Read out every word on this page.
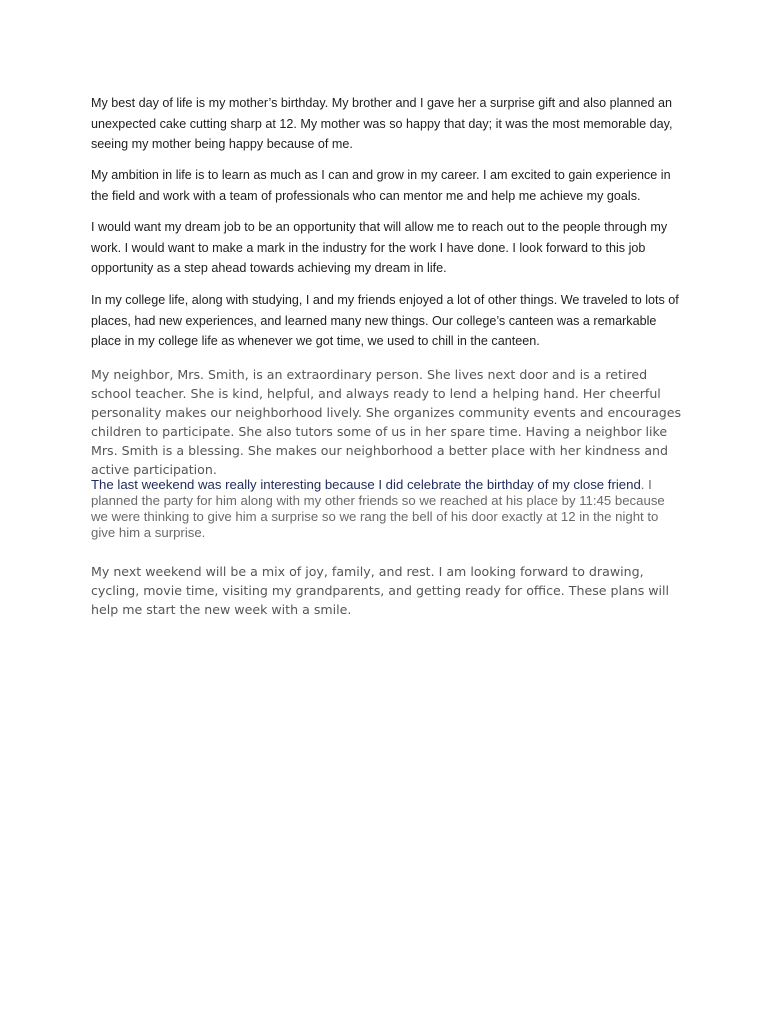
My best day of life is my mother’s birthday. My brother and I gave her a surprise gift and also planned an unexpected cake cutting sharp at 12. My mother was so happy that day; it was the most memorable day, seeing my mother being happy because of me.

My ambition in life is to learn as much as I can and grow in my career. I am excited to gain experience in the field and work with a team of professionals who can mentor me and help me achieve my goals.

I would want my dream job to be an opportunity that will allow me to reach out to the people through my work. I would want to make a mark in the industry for the work I have done. I look forward to this job opportunity as a step ahead towards achieving my dream in life.

In my college life, along with studying, I and my friends enjoyed a lot of other things. We traveled to lots of places, had new experiences, and learned many new things. Our college’s canteen was a remarkable place in my college life as whenever we got time, we used to chill in the canteen.

My neighbor, Mrs. Smith, is an extraordinary person. She lives next door and is a retired school teacher. She is kind, helpful, and always ready to lend a helping hand. Her cheerful personality makes our neighborhood lively. She organizes community events and encourages children to participate. She also tutors some of us in her spare time. Having a neighbor like Mrs. Smith is a blessing. She makes our neighborhood a better place with her kindness and active participation.

The last weekend was really interesting because I did celebrate the birthday of my close friend. I planned the party for him along with my other friends so we reached at his place by 11:45 because we were thinking to give him a surprise so we rang the bell of his door exactly at 12 in the night to give him a surprise.

My next weekend will be a mix of joy, family, and rest. I am looking forward to drawing, cycling, movie time, visiting my grandparents, and getting ready for office. These plans will help me start the new week with a smile.
